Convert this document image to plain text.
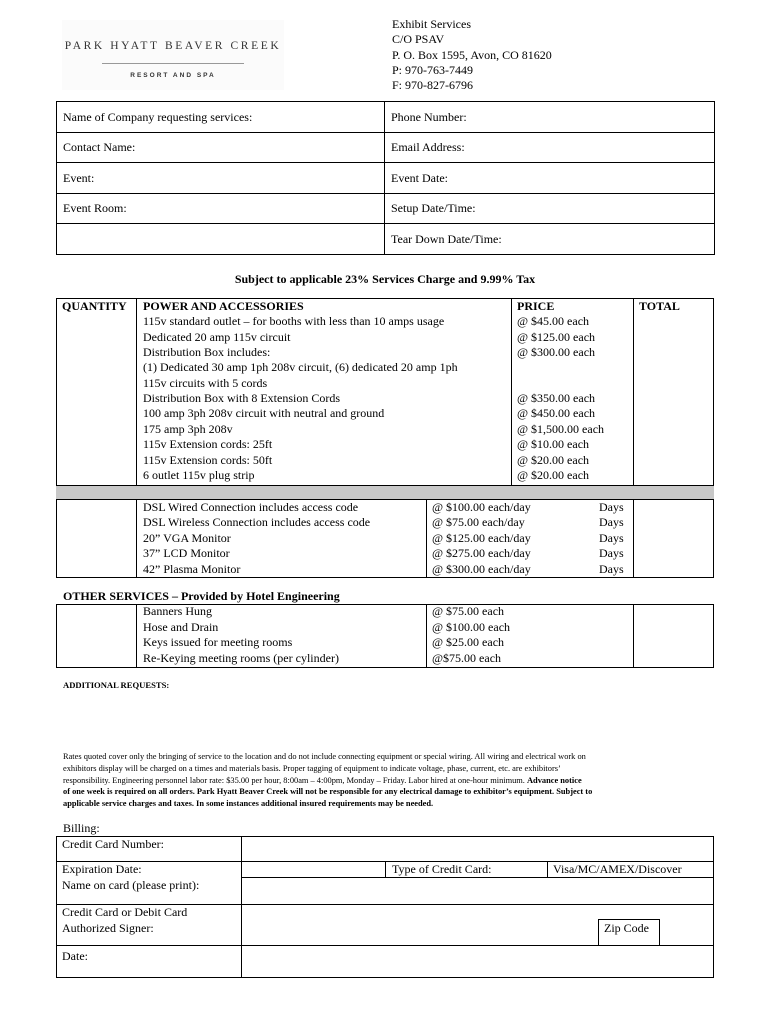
PARK HYATT BEAVER CREEK
RESORT AND SPA
Exhibit Services
C/O PSAV
P. O. Box 1595, Avon, CO 81620
P: 970-763-7449
F: 970-827-6796
Name of Company requesting services:	Phone Number:
Contact Name:	Email Address:
Event:	Event Date:
Event Room:	Setup Date/Time:
	Tear Down Date/Time:
Subject to applicable 23% Services Charge and 9.99% Tax
QUANTITY POWER AND ACCESSORIES	PRICE	TOTAL
115v standard outlet – for booths with less than 10 amps usage	@ $45.00 each
Dedicated 20 amp 115v circuit	@ $125.00 each
Distribution Box includes:	@ $300.00 each
(1) Dedicated 30 amp 1ph 208v circuit, (6) dedicated 20 amp 1ph
115v circuits with 5 cords
Distribution Box with 8 Extension Cords	@ $350.00 each
100 amp 3ph 208v circuit with neutral and ground	@ $450.00 each
175 amp 3ph 208v	@ $1,500.00 each
115v Extension cords: 25ft	@ $10.00 each
115v Extension cords: 50ft	@ $20.00 each
6 outlet 115v plug strip	@ $20.00 each
DSL Wired Connection includes access code	@ $100.00 each/day	Days
DSL Wireless Connection includes access code	@ $75.00 each/day	Days
20” VGA Monitor	@ $125.00 each/day	Days
37” LCD Monitor	@ $275.00 each/day	Days
42” Plasma Monitor	@ $300.00 each/day	Days
OTHER SERVICES – Provided by Hotel Engineering
Banners Hung	@ $75.00 each
Hose and Drain	@ $100.00 each
Keys issued for meeting rooms	@ $25.00 each
Re-Keying meeting rooms (per cylinder)	@$75.00 each
ADDITIONAL REQUESTS:
Rates quoted cover only the bringing of service to the location and do not include connecting equipment or special wiring. All wiring and electrical work on
exhibitors display will be charged on a times and materials basis. Proper tagging of equipment to indicate voltage, phase, current, etc. are exhibitors’
responsibility. Engineering personnel labor rate: $35.00 per hour, 8:00am – 4:00pm, Monday – Friday. Labor hired at one-hour minimum. Advance notice
of one week is required on all orders. Park Hyatt Beaver Creek will not be responsible for any electrical damage to exhibitor’s equipment. Subject to
applicable service charges and taxes. In some instances additional insured requirements may be needed.
Billing:
Credit Card Number:
Expiration Date:	Type of Credit Card:	Visa/MC/AMEX/Discover
Name on card (please print):
Credit Card or Debit Card
Authorized Signer:	Zip Code
Date:
